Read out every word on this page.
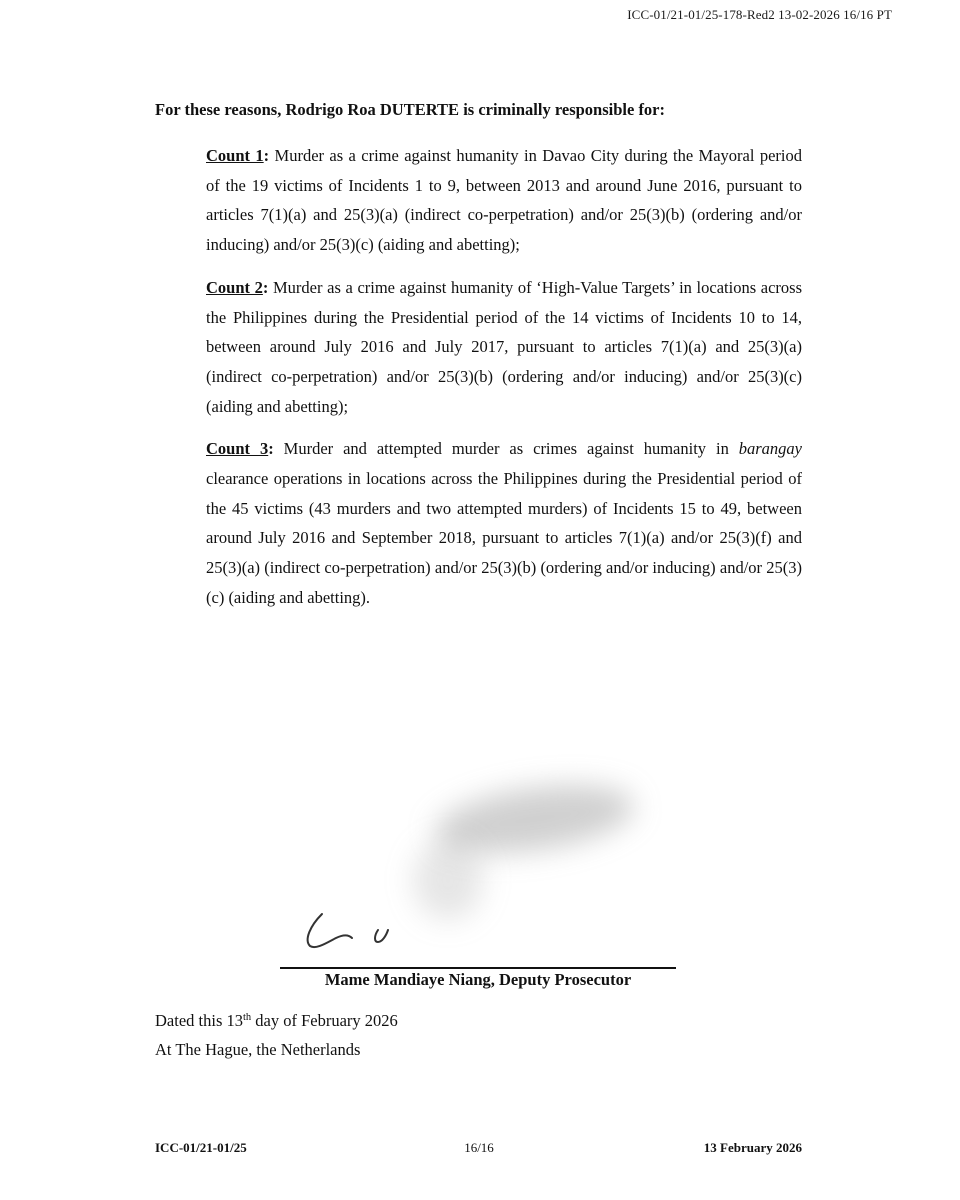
ICC-01/21-01/25-178-Red2 13-02-2026 16/16 PT

For these reasons, Rodrigo Roa DUTERTE is criminally responsible for:

Count 1: Murder as a crime against humanity in Davao City during the Mayoral period of the 19 victims of Incidents 1 to 9, between 2013 and around June 2016, pursuant to articles 7(1)(a) and 25(3)(a) (indirect co-perpetration) and/or 25(3)(b) (ordering and/or inducing) and/or 25(3)(c) (aiding and abetting);

Count 2: Murder as a crime against humanity of ‘High-Value Targets’ in locations across the Philippines during the Presidential period of the 14 victims of Incidents 10 to 14, between around July 2016 and July 2017, pursuant to articles 7(1)(a) and 25(3)(a) (indirect co-perpetration) and/or 25(3)(b) (ordering and/or inducing) and/or 25(3)(c) (aiding and abetting);

Count 3: Murder and attempted murder as crimes against humanity in barangay clearance operations in locations across the Philippines during the Presidential period of the 45 victims (43 murders and two attempted murders) of Incidents 15 to 49, between around July 2016 and September 2018, pursuant to articles 7(1)(a) and/or 25(3)(f) and 25(3)(a) (indirect co-perpetration) and/or 25(3)(b) (ordering and/or inducing) and/or 25(3)(c) (aiding and abetting).

Mame Mandiaye Niang, Deputy Prosecutor
Dated this 13th day of February 2026
At The Hague, the Netherlands
ICC-01/21-01/25	16/16	13 February 2026
